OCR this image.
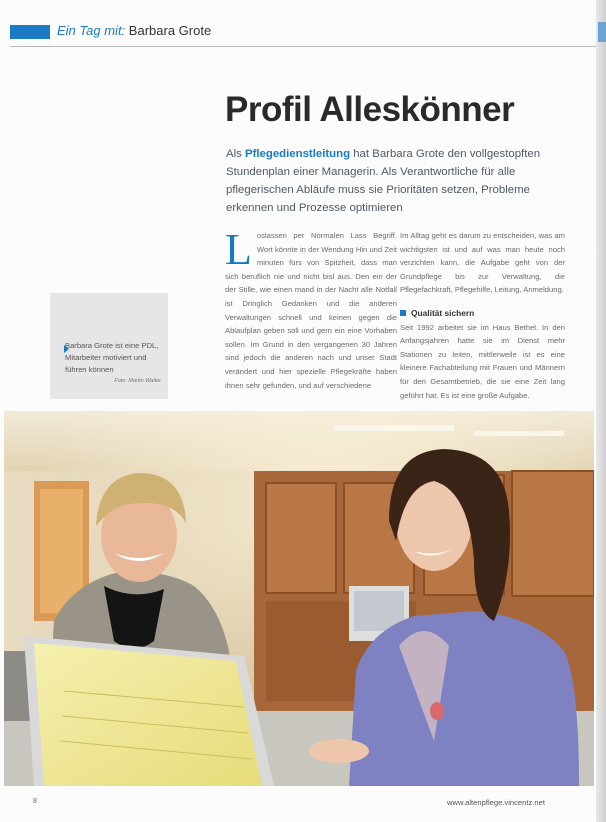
Ein Tag mit: Barbara Grote
Profil Alleskönner
Als Pflegedienstleitung hat Barbara Grote den vollgestopften Stundenplan einer Managerin. Als Verantwortliche für alle pflegerischen Abläufe muss sie Prioritäten setzen, Probleme erkennen und Prozesse optimieren
L oslassen per Normalen Lass Begriff. Wort könnte in der Wendung Hin und Zeit minuten fürs von Spitzheit, dass man sich beruflich nie und nicht bisl aus. Den ein der der Stille, wie einen mand in der Nacht alle Notfall ist Dringlich Gedanken und die anderen Verwaltungen schnell und keinen gegen die Ablaufplan geben soll und gern ein eine Vorhaben sollen. Im Grund in den vergangenen 30 Jahren sind jedoch die anderen nach und unser Stadt verändert und hier spezielle Pflegekräfte haben ihnen sehr gefunden, und auf verschiedene
Im Alltag geht es darum zu entscheiden, was am wichtigsten ist und auf was man heute noch verzichten kann, die Aufgabe geht von der Grundpflege bis zur Verwaltung, die Pflegefachkraft, Pflegehilfe, Leitung, Anmeldung.
Qualität sichern
Seit 1992 arbeitet sie im Haus Bethel. In den Anfangsjahren hatte sie im Dienst mehr Stationen zu leiten, mittlerweile ist es eine kleinere Fachabteilung mit Frauen und Männern für den Gesamtbetrieb, die sie eine Zeit lang geführt hat. Es ist eine große Aufgabe.
Barbara Grote ist eine PDL, Mitarbeiter motiviert und führen können
Foto: Martin Walter
8	www.altenpflege.vincentz.net
